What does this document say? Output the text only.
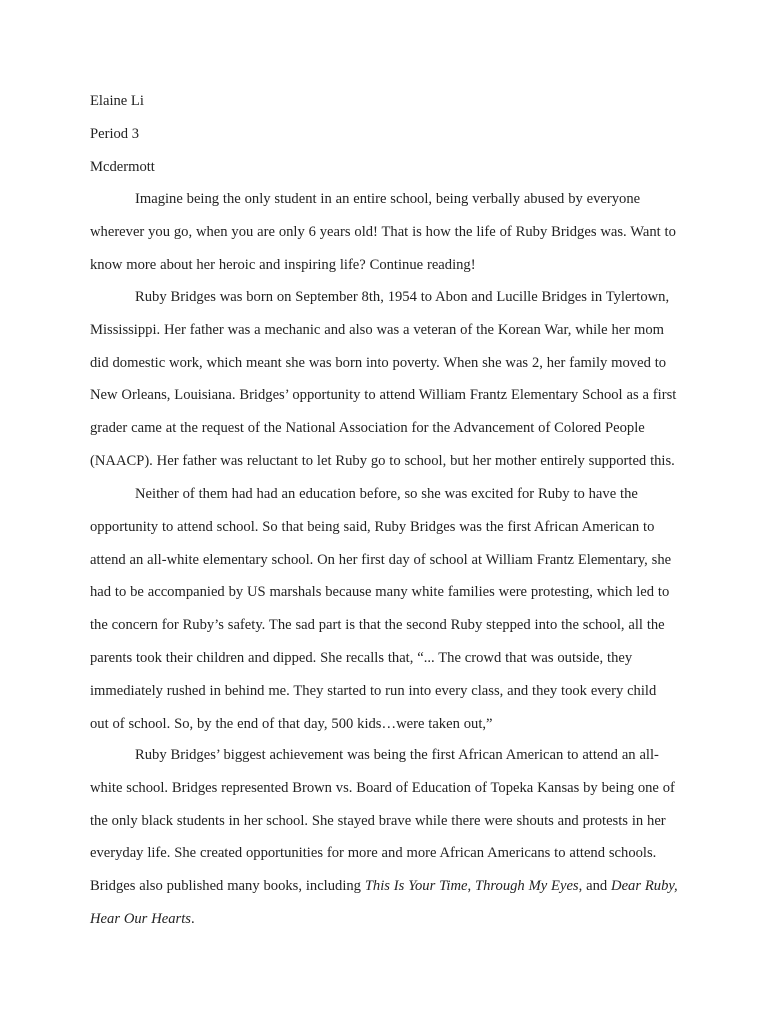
Elaine Li
Period 3
Mcdermott

Imagine being the only student in an entire school, being verbally abused by everyone wherever you go, when you are only 6 years old! That is how the life of Ruby Bridges was. Want to know more about her heroic and inspiring life? Continue reading!

Ruby Bridges was born on September 8th, 1954 to Abon and Lucille Bridges in Tylertown, Mississippi. Her father was a mechanic and also was a veteran of the Korean War, while her mom did domestic work, which meant she was born into poverty. When she was 2, her family moved to New Orleans, Louisiana. Bridges’ opportunity to attend William Frantz Elementary School as a first grader came at the request of the National Association for the Advancement of Colored People (NAACP). Her father was reluctant to let Ruby go to school, but her mother entirely supported this.

Neither of them had had an education before, so she was excited for Ruby to have the opportunity to attend school. So that being said, Ruby Bridges was the first African American to attend an all-white elementary school. On her first day of school at William Frantz Elementary, she had to be accompanied by US marshals because many white families were protesting, which led to the concern for Ruby’s safety. The sad part is that the second Ruby stepped into the school, all the parents took their children and dipped. She recalls that, “... The crowd that was outside, they immediately rushed in behind me. They started to run into every class, and they took every child out of school. So, by the end of that day, 500 kids…were taken out,”

Ruby Bridges’ biggest achievement was being the first African American to attend an all-white school. Bridges represented Brown vs. Board of Education of Topeka Kansas by being one of the only black students in her school. She stayed brave while there were shouts and protests in her everyday life. She created opportunities for more and more African Americans to attend schools. Bridges also published many books, including This Is Your Time, Through My Eyes, and Dear Ruby, Hear Our Hearts.
